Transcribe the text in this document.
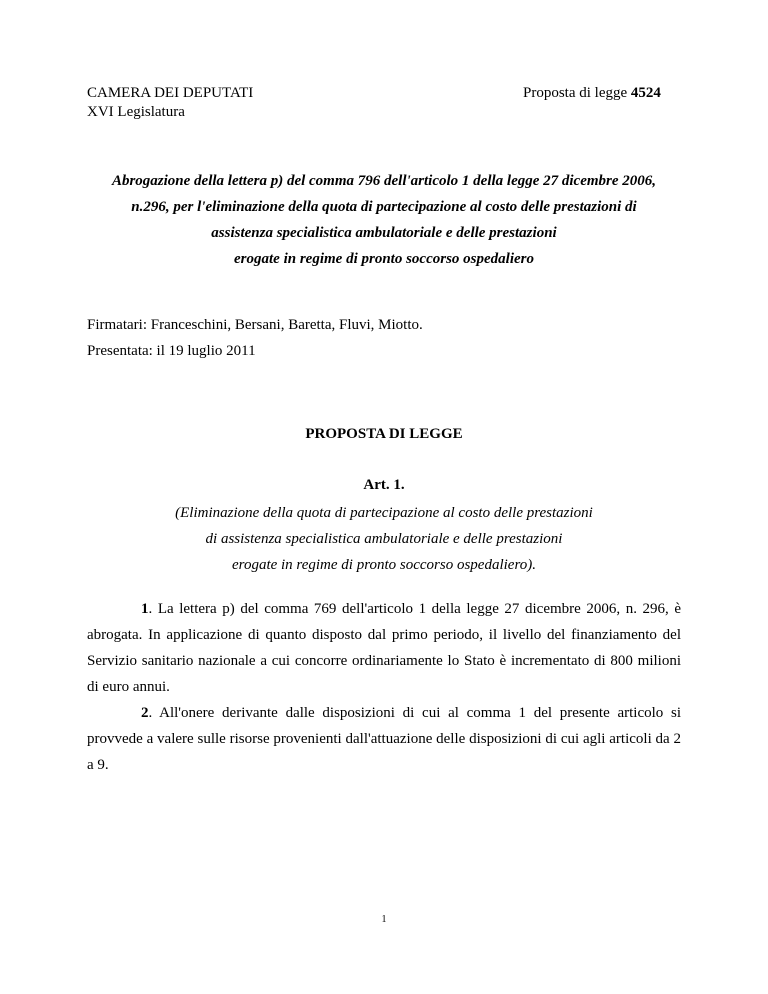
CAMERA DEI DEPUTATI
XVI Legislatura
Proposta di legge 4524
Abrogazione della lettera p) del comma 796 dell'articolo 1 della legge 27 dicembre 2006,
n.296, per l'eliminazione della quota di partecipazione al costo delle prestazioni di
assistenza specialistica ambulatoriale e delle prestazioni
erogate in regime di pronto soccorso ospedaliero
Firmatari: Franceschini, Bersani, Baretta, Fluvi, Miotto.
Presentata: il 19 luglio 2011
PROPOSTA DI LEGGE
Art. 1.
(Eliminazione della quota di partecipazione al costo delle prestazioni
di assistenza specialistica ambulatoriale e delle prestazioni
erogate in regime di pronto soccorso ospedaliero).

1. La lettera p) del comma 769 dell'articolo 1 della legge 27 dicembre 2006, n. 296, è abrogata. In applicazione di quanto disposto dal primo periodo, il livello del finanziamento del Servizio sanitario nazionale a cui concorre ordinariamente lo Stato è incrementato di 800 milioni di euro annui.

2. All'onere derivante dalle disposizioni di cui al comma 1 del presente articolo si provvede a valere sulle risorse provenienti dall'attuazione delle disposizioni di cui agli articoli da 2 a 9.

1
